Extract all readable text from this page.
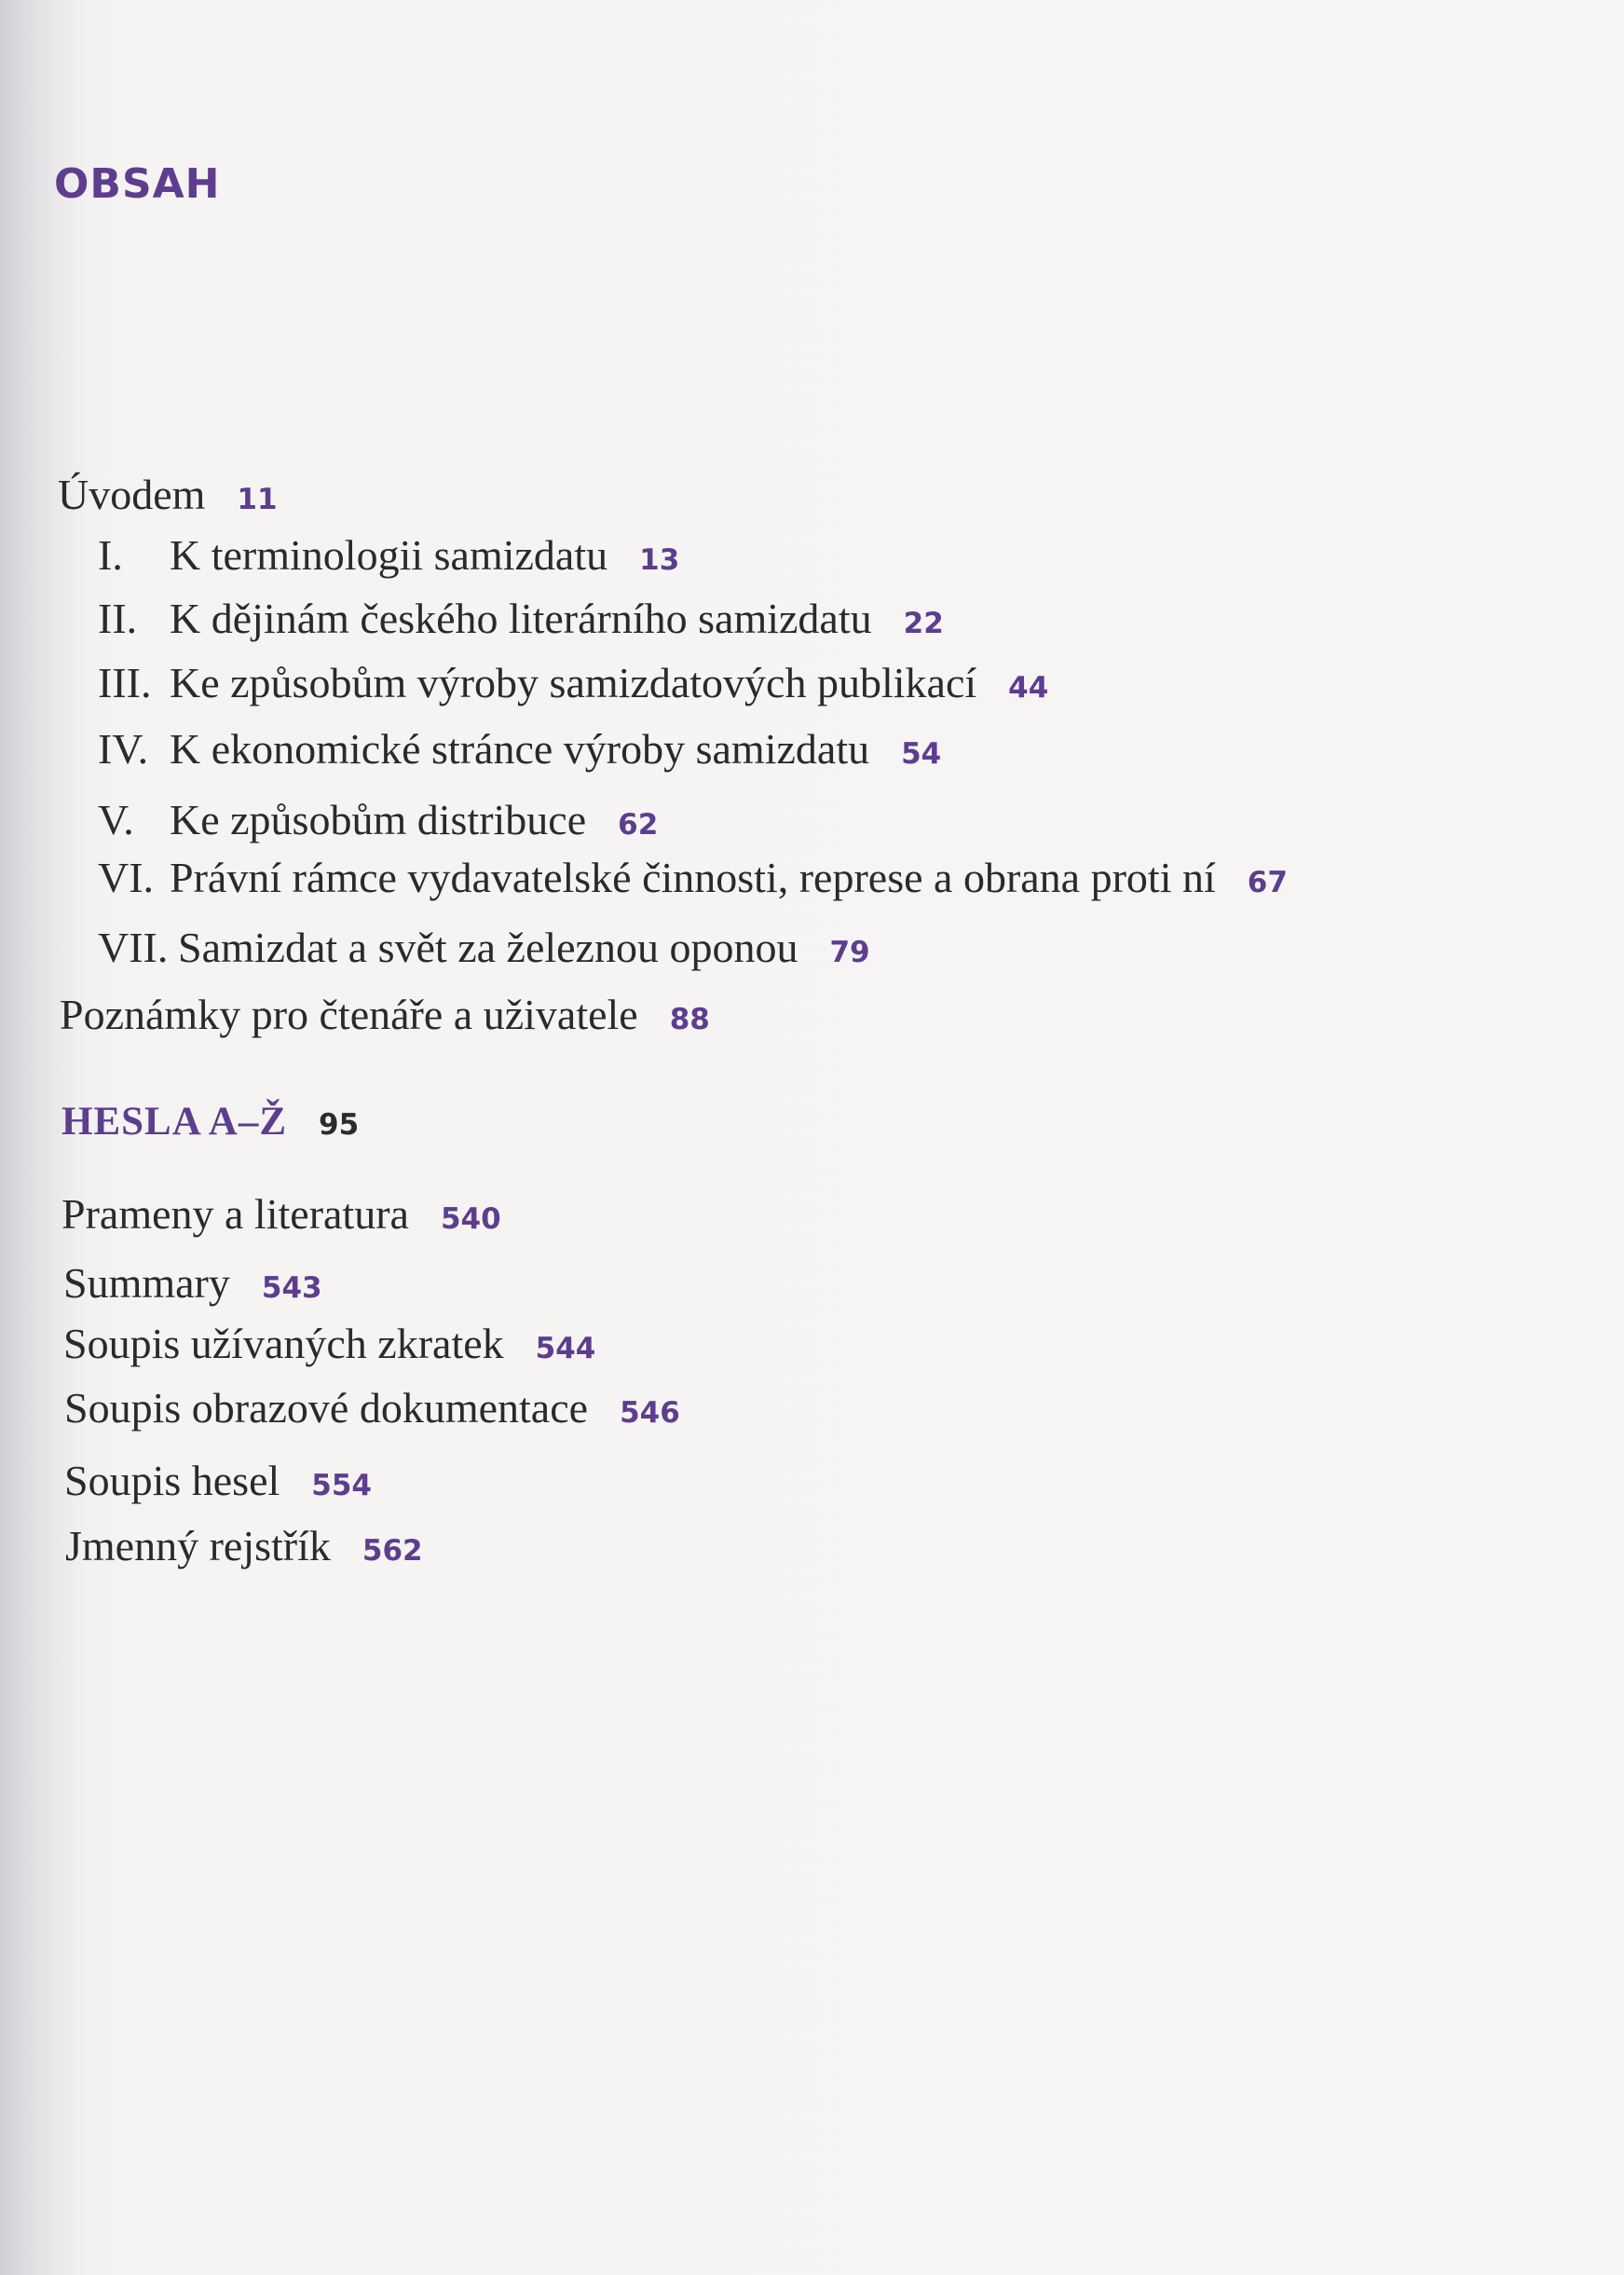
OBSAH
Úvodem 11
I. K terminologii samizdatu 13
II. K dějinám českého literárního samizdatu 22
III. Ke způsobům výroby samizdatových publikací 44
IV. K ekonomické stránce výroby samizdatu 54
V. Ke způsobům distribuce 62
VI. Právní rámce vydavatelské činnosti, represe a obrana proti ní 67
VII. Samizdat a svět za železnou oponou 79
Poznámky pro čtenáře a uživatele 88
HESLA A–Ž 95
Prameny a literatura 540
Summary 543
Soupis užívaných zkratek 544
Soupis obrazové dokumentace 546
Soupis hesel 554
Jmenný rejstřík 562
